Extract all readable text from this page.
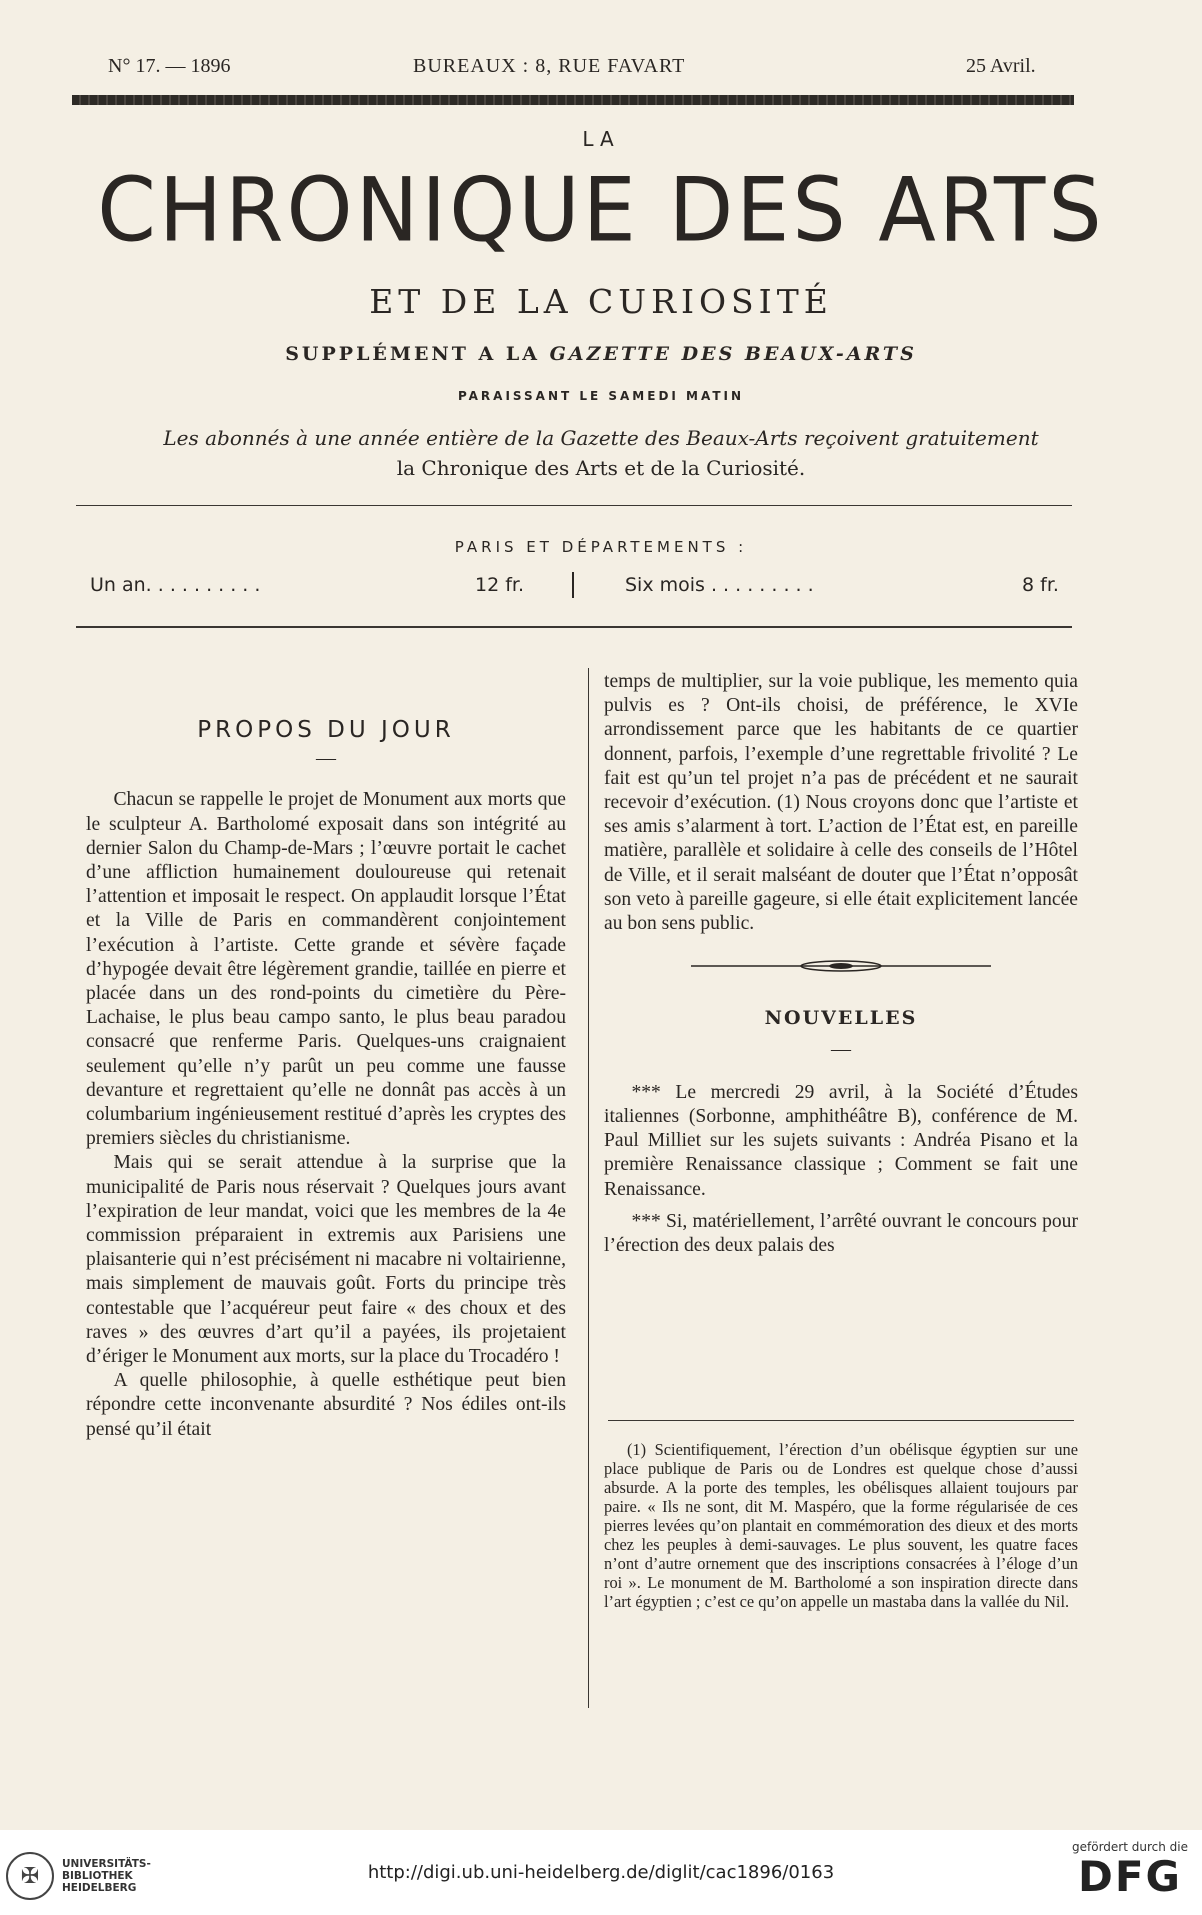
N° 17. — 1896	BUREAUX : 8, RUE FAVART	25 Avril.
LA
CHRONIQUE DES ARTS
ET DE LA CURIOSITÉ
SUPPLÉMENT A LA GAZETTE DES BEAUX-ARTS
PARAISSANT LE SAMEDI MATIN
Les abonnés à une année entière de la Gazette des Beaux-Arts reçoivent gratuitement
la Chronique des Arts et de la Curiosité.
PARIS ET DÉPARTEMENTS :
Un an. . . . . . . . . .	12 fr.	Six mois . . . . . . . . .	8 fr.
PROPOS DU JOUR
—

Chacun se rappelle le projet de Monument aux morts que le sculpteur A. Bartholomé exposait dans son intégrité au dernier Salon du Champ-de-Mars ; l’œuvre portait le cachet d’une affliction humainement douloureuse qui retenait l’attention et imposait le respect. On applaudit lorsque l’État et la Ville de Paris en commandèrent conjointement l’exécution à l’artiste. Cette grande et sévère façade d’hypogée devait être légèrement grandie, taillée en pierre et placée dans un des rond-points du cimetière du Père-Lachaise, le plus beau campo santo, le plus beau paradou consacré que renferme Paris. Quelques-uns craignaient seulement qu’elle n’y parût un peu comme une fausse devanture et regrettaient qu’elle ne donnât pas accès à un columbarium ingénieusement restitué d’après les cryptes des premiers siècles du christianisme.

Mais qui se serait attendue à la surprise que la municipalité de Paris nous réservait ? Quelques jours avant l’expiration de leur mandat, voici que les membres de la 4e commission préparaient in extremis aux Parisiens une plaisanterie qui n’est précisément ni macabre ni voltairienne, mais simplement de mauvais goût. Forts du principe très contestable que l’acquéreur peut faire « des choux et des raves » des œuvres d’art qu’il a payées, ils projetaient d’ériger le Monument aux morts, sur la place du Trocadéro !

A quelle philosophie, à quelle esthétique peut bien répondre cette inconvenante absurdité ? Nos édiles ont-ils pensé qu’il était

temps de multiplier, sur la voie publique, les memento quia pulvis es ? Ont-ils choisi, de préférence, le XVIe arrondissement parce que les habitants de ce quartier donnent, parfois, l’exemple d’une regrettable frivolité ? Le fait est qu’un tel projet n’a pas de précédent et ne saurait recevoir d’exécution. (1) Nous croyons donc que l’artiste et ses amis s’alarment à tort. L’action de l’État est, en pareille matière, parallèle et solidaire à celle des conseils de l’Hôtel de Ville, et il serait malséant de douter que l’État n’opposât son veto à pareille gageure, si elle était explicitement lancée au bon sens public.

NOUVELLES
—

*** Le mercredi 29 avril, à la Société d’Études italiennes (Sorbonne, amphithéâtre B), conférence de M. Paul Milliet sur les sujets suivants : Andréa Pisano et la première Renaissance classique ; Comment se fait une Renaissance.

*** Si, matériellement, l’arrêté ouvrant le concours pour l’érection des deux palais des

(1) Scientifiquement, l’érection d’un obélisque égyptien sur une place publique de Paris ou de Londres est quelque chose d’aussi absurde. A la porte des temples, les obélisques allaient toujours par paire. « Ils ne sont, dit M. Maspéro, que la forme régularisée de ces pierres levées qu’on plantait en commémoration des dieux et des morts chez les peuples à demi-sauvages. Le plus souvent, les quatre faces n’ont d’autre ornement que des inscriptions consacrées à l’éloge d’un roi ». Le monument de M. Bartholomé a son inspiration directe dans l’art égyptien ; c’est ce qu’on appelle un mastaba dans la vallée du Nil.

✠	UNIVERSITÄTS-
BIBLIOTHEK
HEIDELBERG
http://digi.ub.uni-heidelberg.de/diglit/cac1896/0163
gefördert durch die
DFG
